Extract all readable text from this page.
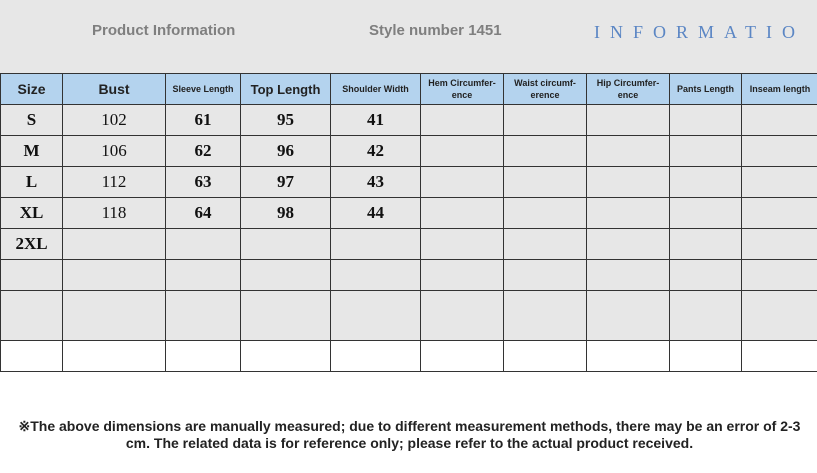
Product Information	Style number 1451	INFORMATIO
Size	Bust	Sleeve Length	Top Length	Shoulder Width	Hem Circumfer-ence	Waist circumf-erence	Hip Circumfer-ence	Pants Length	Inseam length
S	102	61	95	41					
M	106	62	96	42					
L	112	63	97	43					
XL	118	64	98	44					
2XL									

※The above dimensions are manually measured; due to different measurement methods, there may be an error of 2-3 cm. The related data is for reference only; please refer to the actual product received.
